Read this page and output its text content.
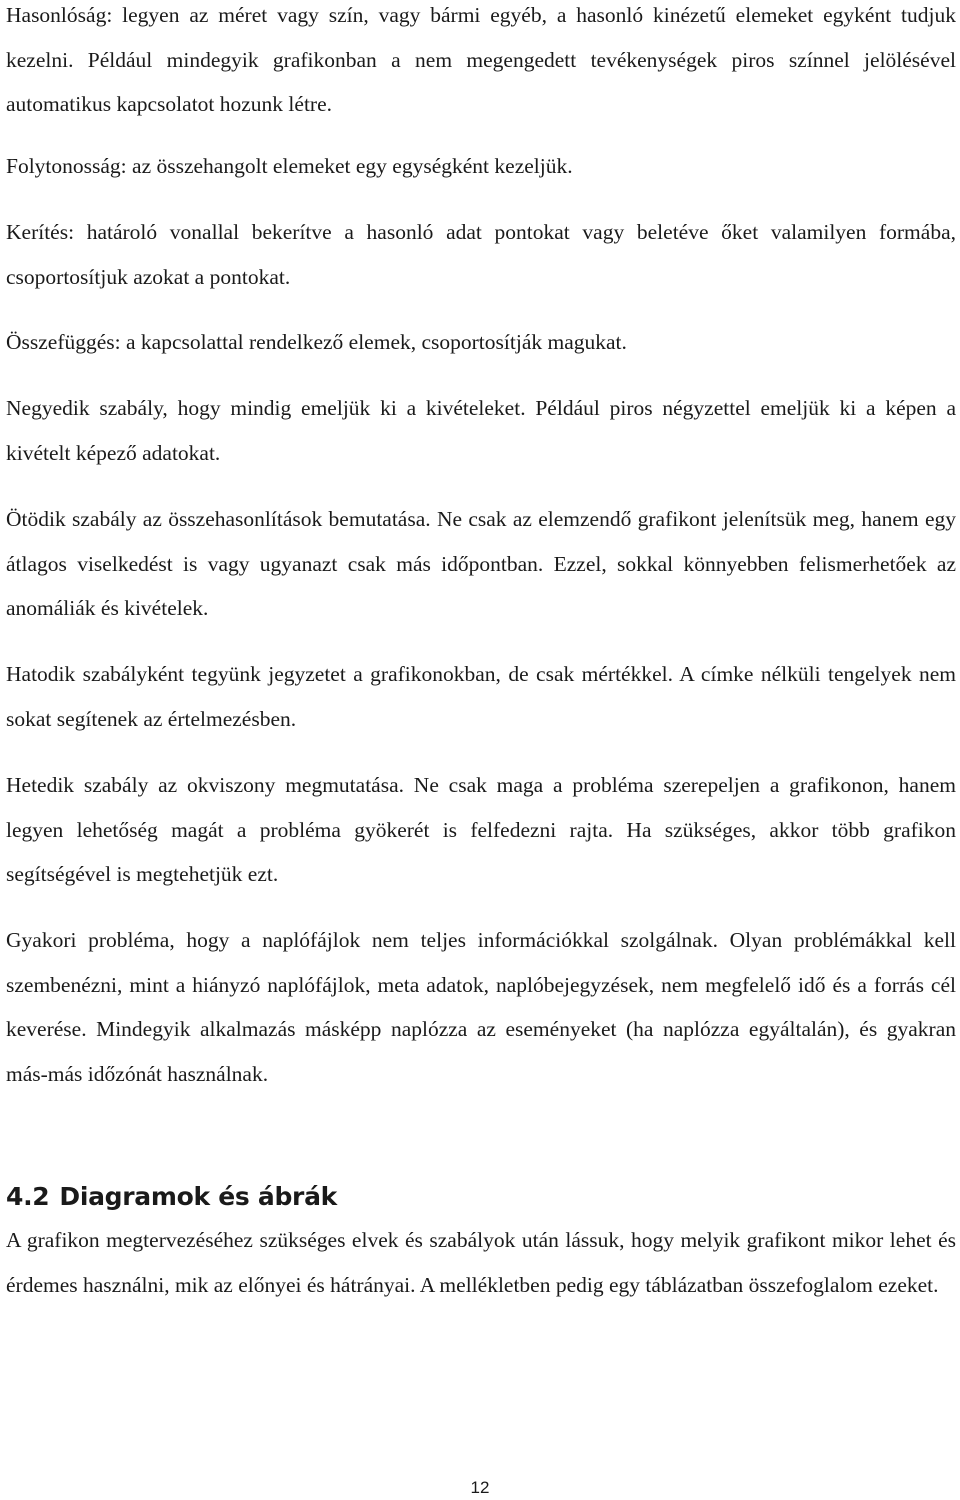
Hasonlóság: legyen az méret vagy szín, vagy bármi egyéb, a hasonló kinézetű elemeket egyként tudjuk kezelni. Például mindegyik grafikonban a nem megengedett tevékenységek piros színnel jelölésével automatikus kapcsolatot hozunk létre.

Folytonosság: az összehangolt elemeket egy egységként kezeljük.

Kerítés: határoló vonallal bekerítve a hasonló adat pontokat vagy beletéve őket valamilyen formába, csoportosítjuk azokat a pontokat.

Összefüggés: a kapcsolattal rendelkező elemek, csoportosítják magukat.

Negyedik szabály, hogy mindig emeljük ki a kivételeket. Például piros négyzettel emeljük ki a képen a kivételt képező adatokat.

Ötödik szabály az összehasonlítások bemutatása. Ne csak az elemzendő grafikont jelenítsük meg, hanem egy átlagos viselkedést is vagy ugyanazt csak más időpontban. Ezzel, sokkal könnyebben felismerhetőek az anomáliák és kivételek.

Hatodik szabályként tegyünk jegyzetet a grafikonokban, de csak mértékkel. A címke nélküli tengelyek nem sokat segítenek az értelmezésben.

Hetedik szabály az okviszony megmutatása. Ne csak maga a probléma szerepeljen a grafikonon, hanem legyen lehetőség magát a probléma gyökerét is felfedezni rajta. Ha szükséges, akkor több grafikon segítségével is megtehetjük ezt.

Gyakori probléma, hogy a naplófájlok nem teljes információkkal szolgálnak. Olyan problémákkal kell szembenézni, mint a hiányzó naplófájlok, meta adatok, naplóbejegyzések, nem megfelelő idő és a forrás cél keverése. Mindegyik alkalmazás másképp naplózza az eseményeket (ha naplózza egyáltalán), és gyakran más-más időzónát használnak.

4.2 Diagramok és ábrák

A grafikon megtervezéséhez szükséges elvek és szabályok után lássuk, hogy melyik grafikont mikor lehet és érdemes használni, mik az előnyei és hátrányai. A mellékletben pedig egy táblázatban összefoglalom ezeket.

12
